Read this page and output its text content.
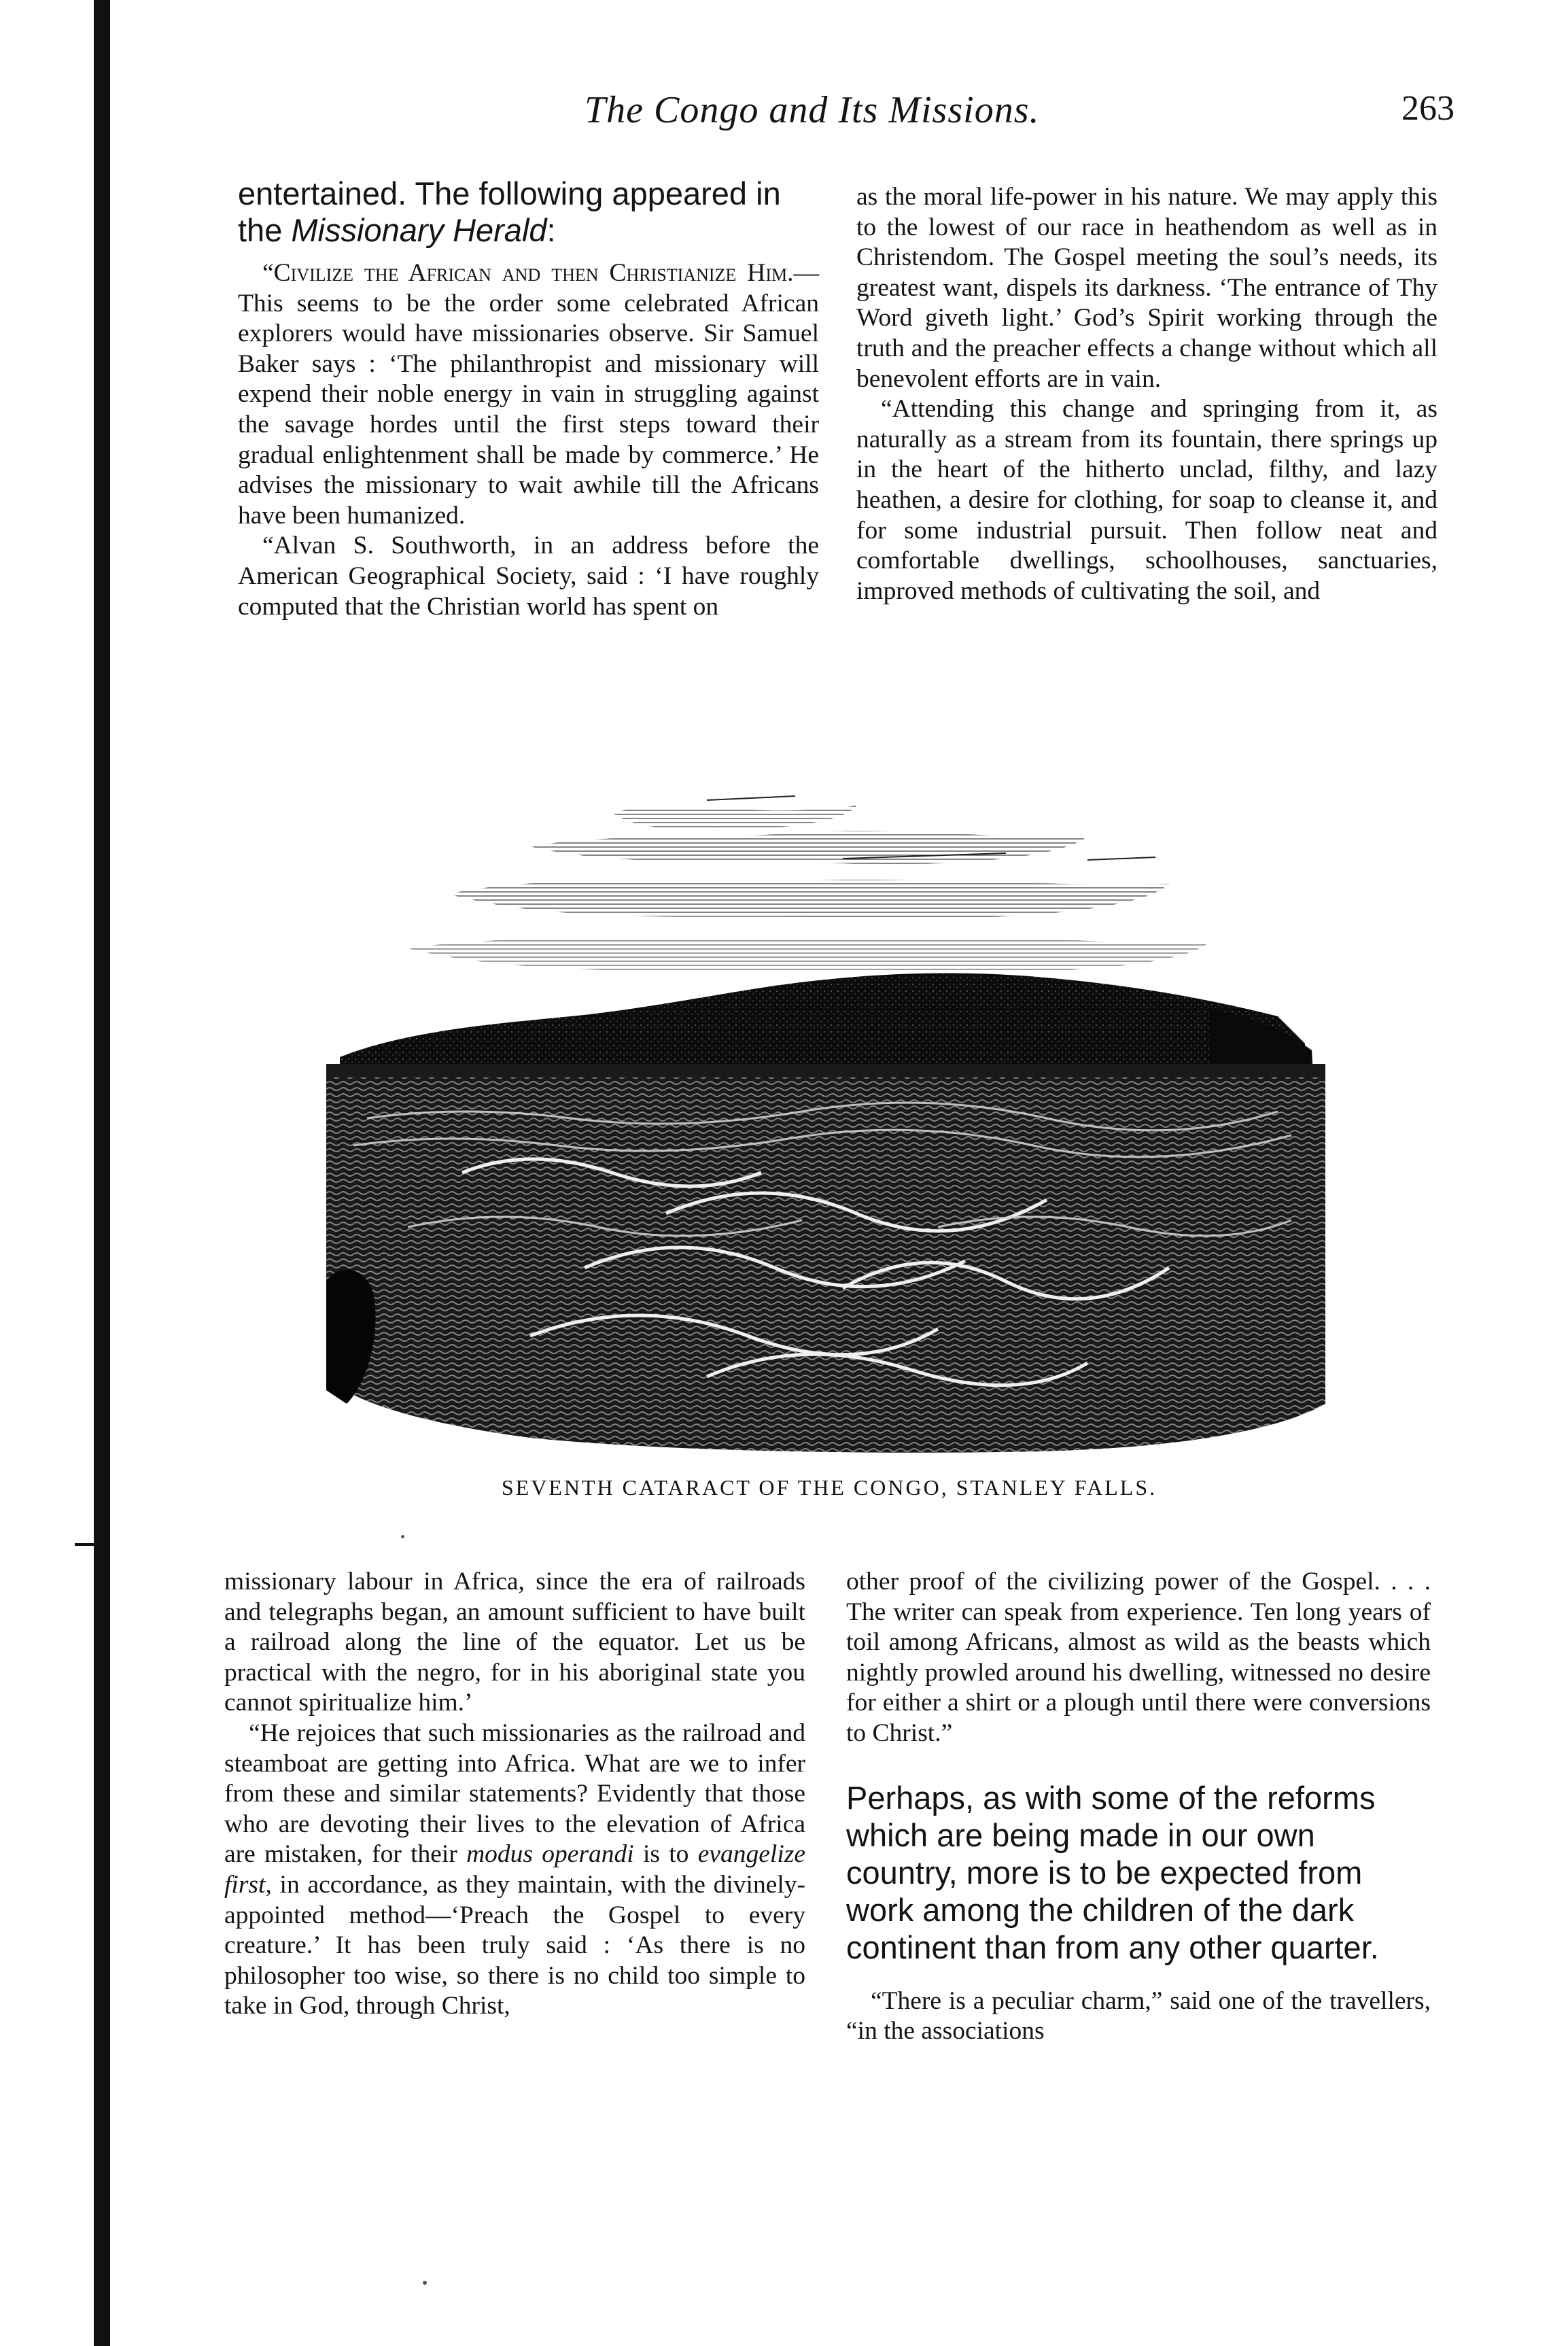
The Congo and Its Missions.	263

entertained. The following appeared in the Missionary Herald:

“Civilize the African and then Christianize Him.—This seems to be the order some celebrated African explorers would have missionaries observe. Sir Samuel Baker says : ‘The philanthropist and missionary will expend their noble energy in vain in struggling against the savage hordes until the first steps toward their gradual enlightenment shall be made by commerce.’ He advises the missionary to wait awhile till the Africans have been humanized.

“Alvan S. Southworth, in an address before the American Geographical Society, said : ‘I have roughly computed that the Christian world has spent on

as the moral life-power in his nature. We may apply this to the lowest of our race in heathendom as well as in Christendom. The Gospel meeting the soul’s needs, its greatest want, dispels its darkness. ‘The entrance of Thy Word giveth light.’ God’s Spirit working through the truth and the preacher effects a change without which all benevolent efforts are in vain.

“Attending this change and springing from it, as naturally as a stream from its fountain, there springs up in the heart of the hitherto unclad, filthy, and lazy heathen, a desire for clothing, for soap to cleanse it, and for some industrial pursuit. Then follow neat and comfortable dwellings, schoolhouses, sanctuaries, improved methods of cultivating the soil, and

SEVENTH CATARACT OF THE CONGO, STANLEY FALLS.

missionary labour in Africa, since the era of railroads and telegraphs began, an amount sufficient to have built a railroad along the line of the equator. Let us be practical with the negro, for in his aboriginal state you cannot spiritualize him.’

“He rejoices that such missionaries as the railroad and steamboat are getting into Africa. What are we to infer from these and similar statements? Evidently that those who are devoting their lives to the elevation of Africa are mistaken, for their modus operandi is to evangelize first, in accordance, as they maintain, with the divinely-appointed method—‘Preach the Gospel to every creature.’ It has been truly said : ‘As there is no philosopher too wise, so there is no child too simple to take in God, through Christ,

other proof of the civilizing power of the Gospel. . . . The writer can speak from experience. Ten long years of toil among Africans, almost as wild as the beasts which nightly prowled around his dwelling, witnessed no desire for either a shirt or a plough until there were conversions to Christ.”

Perhaps, as with some of the reforms which are being made in our own country, more is to be expected from work among the children of the dark continent than from any other quarter.

“There is a peculiar charm,” said one of the travellers, “in the associations
